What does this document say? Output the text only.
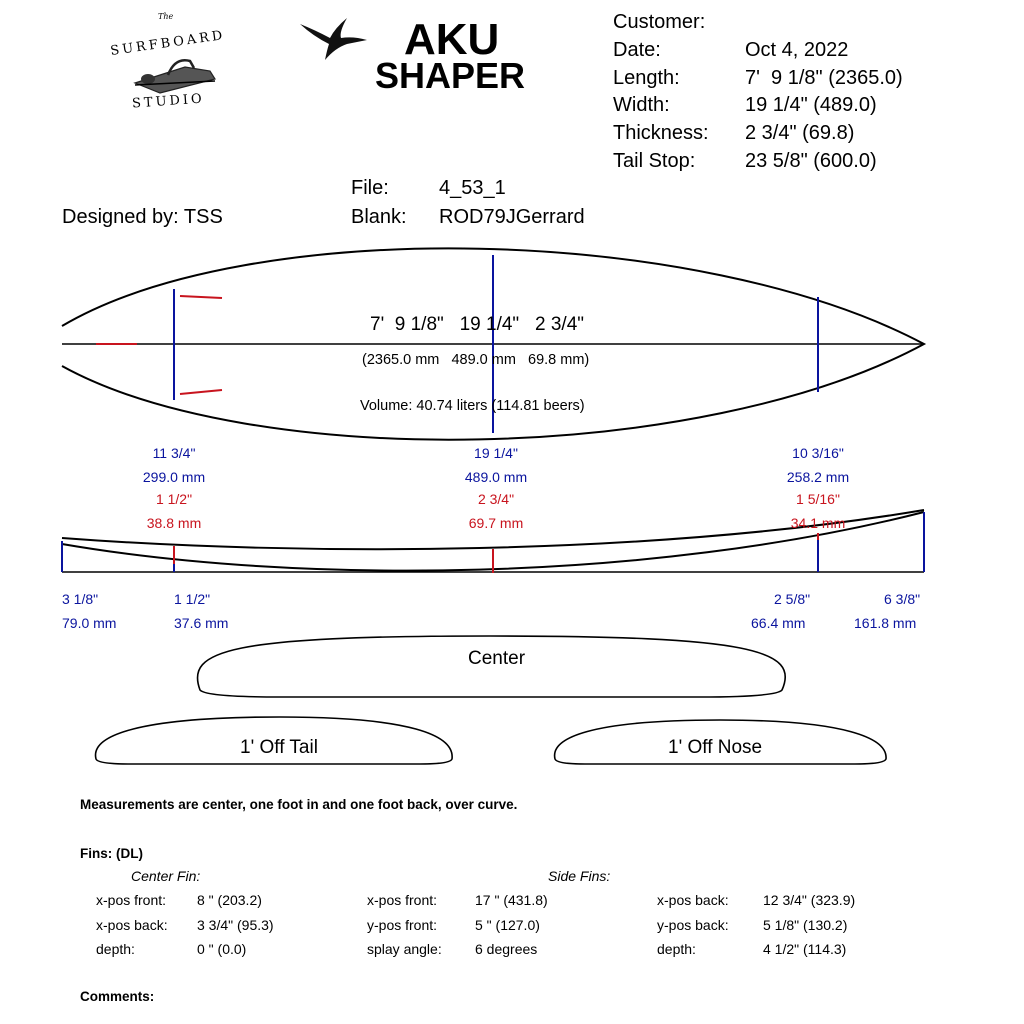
The
SURFBOARD
STUDIO
AKU
SHAPER
Customer:
Date:	Oct 4, 2022
Length:	7'  9 1/8" (2365.0)
Width:	19 1/4" (489.0)
Thickness: 2 3/4" (69.8)
Tail Stop: 23 5/8" (600.0)
File:	4_53_1
Blank: ROD79JGerrard
Designed by: TSS
7'  9 1/8"   19 1/4"   2 3/4"
(2365.0 mm   489.0 mm   69.8 mm)
Volume: 40.74 liters (114.81 beers)
11 3/4"
299.0 mm
1 1/2"
38.8 mm
19 1/4"
489.0 mm
2 3/4"
69.7 mm
10 3/16"
258.2 mm
1 5/16"
34.1 mm
3 1/8"
79.0 mm
1 1/2"
37.6 mm
2 5/8"
66.4 mm
6 3/8"
161.8 mm
Center
1' Off Tail	1' Off Nose
Measurements are center, one foot in and one foot back, over curve.
Fins: (DL)
Center Fin:	Side Fins:
x-pos front: 8 " (203.2)
x-pos back: 3 3/4" (95.3)
depth:	0 " (0.0)
x-pos front:	17 " (431.8)
y-pos front:	5 " (127.0)
splay angle: 6 degrees
x-pos back: 12 3/4" (323.9)
y-pos back: 5 1/8" (130.2)
depth:	4 1/2" (114.3)
Comments:
